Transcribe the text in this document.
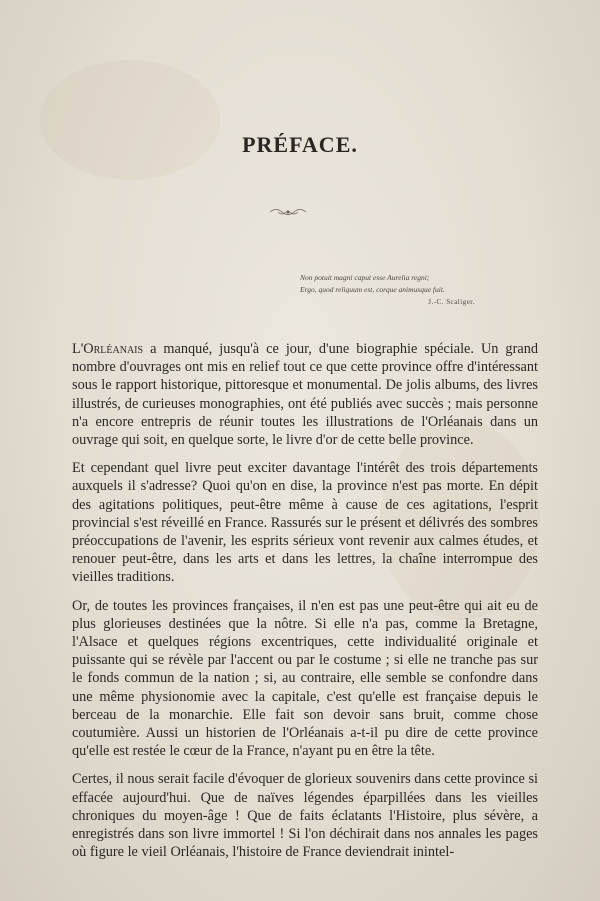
PRÉFACE.
Non potuit magni caput esse Aurelia regni;
Ergo, quod reliquum est, corque animusque fuit.
J.-C. Scaliger.

L'Orléanais a manqué, jusqu'à ce jour, d'une biographie spéciale. Un grand nombre d'ouvrages ont mis en relief tout ce que cette province offre d'intéressant sous le rapport historique, pittoresque et monumental. De jolis albums, des livres illustrés, de curieuses monographies, ont été publiés avec succès ; mais personne n'a encore entrepris de réunir toutes les illustrations de l'Orléanais dans un ouvrage qui soit, en quelque sorte, le livre d'or de cette belle province.

Et cependant quel livre peut exciter davantage l'intérêt des trois départements auxquels il s'adresse? Quoi qu'on en dise, la province n'est pas morte. En dépit des agitations politiques, peut-être même à cause de ces agitations, l'esprit provincial s'est réveillé en France. Rassurés sur le présent et délivrés des sombres préoccupations de l'avenir, les esprits sérieux vont revenir aux calmes études, et renouer peut-être, dans les arts et dans les lettres, la chaîne interrompue des vieilles traditions.

Or, de toutes les provinces françaises, il n'en est pas une peut-être qui ait eu de plus glorieuses destinées que la nôtre. Si elle n'a pas, comme la Bretagne, l'Alsace et quelques régions excentriques, cette individualité originale et puissante qui se révèle par l'accent ou par le costume ; si elle ne tranche pas sur le fonds commun de la nation ; si, au contraire, elle semble se confondre dans une même physionomie avec la capitale, c'est qu'elle est française depuis le berceau de la monarchie. Elle fait son devoir sans bruit, comme chose coutumière. Aussi un historien de l'Orléanais a-t-il pu dire de cette province qu'elle est restée le cœur de la France, n'ayant pu en être la tête.

Certes, il nous serait facile d'évoquer de glorieux souvenirs dans cette province si effacée aujourd'hui. Que de naïves légendes éparpillées dans les vieilles chroniques du moyen-âge ! Que de faits éclatants l'Histoire, plus sévère, a enregistrés dans son livre immortel ! Si l'on déchirait dans nos annales les pages où figure le vieil Orléanais, l'histoire de France deviendrait inintel-
